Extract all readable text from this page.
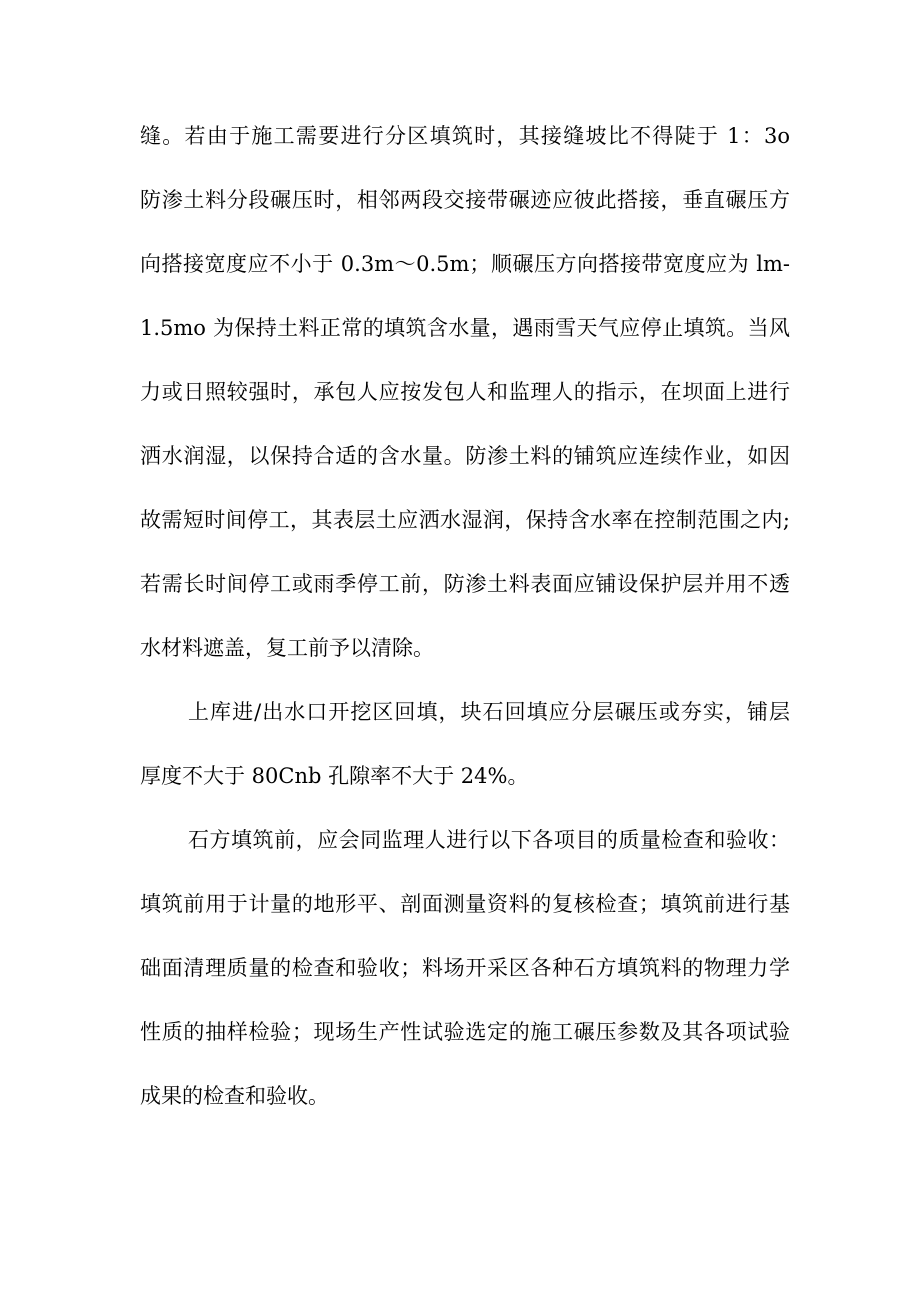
缝。若由于施工需要进行分区填筑时，其接缝坡比不得陡于 1：3o
防渗土料分段碾压时，相邻两段交接带碾迹应彼此搭接，垂直碾压方
向搭接宽度应不小于 0.3m～0.5m；顺碾压方向搭接带宽度应为 lm-
1.5mo 为保持土料正常的填筑含水量，遇雨雪天气应停止填筑。当风
力或日照较强时，承包人应按发包人和监理人的指示，在坝面上进行
洒水润湿，以保持合适的含水量。防渗土料的铺筑应连续作业，如因
故需短时间停工，其表层土应洒水湿润，保持含水率在控制范围之内;
若需长时间停工或雨季停工前，防渗土料表面应铺设保护层并用不透
水材料遮盖，复工前予以清除。
上库进/出水口开挖区回填，块石回填应分层碾压或夯实，铺层
厚度不大于 80Cnb 孔隙率不大于 24%。
石方填筑前，应会同监理人进行以下各项目的质量检查和验收：
填筑前用于计量的地形平、剖面测量资料的复核检查；填筑前进行基
础面清理质量的检查和验收；料场开采区各种石方填筑料的物理力学
性质的抽样检验；现场生产性试验选定的施工碾压参数及其各项试验
成果的检查和验收。
